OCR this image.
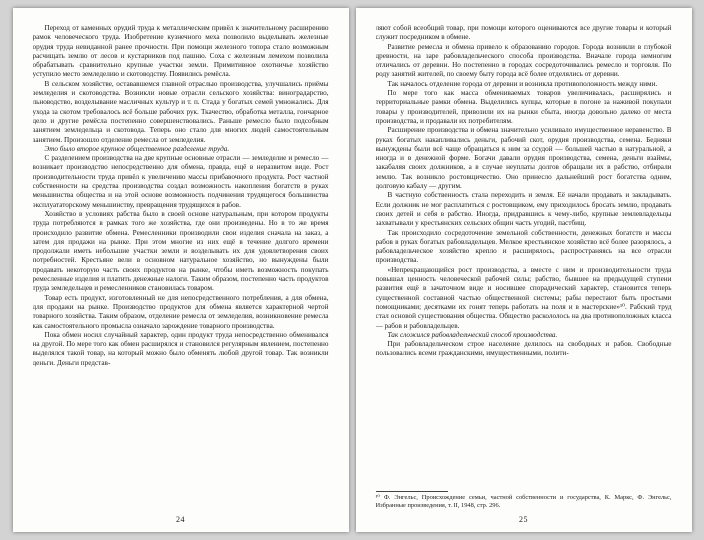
Переход от каменных орудий труда к металлическим привёл к значительному расширению рамок человеческого труда. Изобретение кузнечного меха позволило выделывать железные орудия труда невиданной ранее прочности. При помощи железного топора стало возможным расчищать землю от лесов и кустарников под пашню. Соха с железным лемехом позволила обрабатывать сравнительно крупные участки земли. Примитивное охотничье хозяйство уступило место земледелию и скотоводству. Появились ремёсла.

В сельском хозяйстве, остававшемся главной отраслью производства, улучшались приёмы земледелия и скотоводства. Возникли новые отрасли сельского хозяйства: виноградарство, льноводство, возделывание масличных культур и т. п. Стада у богатых семей умножались. Для ухода за скотом требовалось всё больше рабочих рук. Ткачество, обработка металла, гончарное дело и другие ремёсла постепенно совершенствовались. Раньше ремесло было подсобным занятием земледельца и скотовода. Теперь оно стало для многих людей самостоятельным занятием. Произошло отделение ремесла от земледелия.

Это было второе крупное общественное разделение труда.

С разделением производства на две крупные основные отрасли — земледелие и ремесло — возникает производство непосредственно для обмена, правда, ещё в неразвитом виде. Рост производительности труда привёл к увеличению массы прибавочного продукта. Рост частной собственности на средства производства создал возможность накопления богатств в руках меньшинства общества и на этой основе возможность подчинения трудящегося большинства эксплуататорскому меньшинству, превращения трудящихся в рабов.

Хозяйство в условиях рабства было в своей основе натуральным, при котором продукты труда потребляются в рамках того же хозяйства, где они произведены. Но в то же время происходило развитие обмена. Ремесленники производили свои изделия сначала на заказ, а затем для продажи на рынке. При этом многие из них ещё в течение долгого времени продолжали иметь небольшие участки земли и возделывать их для удовлетворения своих потребностей. Крестьяне вели в основном натуральное хозяйство, но вынуждены были продавать некоторую часть своих продуктов на рынке, чтобы иметь возможность покупать ремесленные изделия и платить денежные налоги. Таким образом, постепенно часть продуктов труда земледельцев и ремесленников становилась товаром.

Товар есть продукт, изготовленный не для непосредственного потребления, а для обмена, для продажи на рынке. Производство продуктов для обмена является характерной чертой товарного хозяйства. Таким образом, отделение ремесла от земледелия, возникновение ремесла как самостоятельного промысла означало зарождение товарного производства.

Пока обмен носил случайный характер, один продукт труда непосредственно обменивался на другой. По мере того как обмен расширялся и становился регулярным явлением, постепенно выделялся такой товар, на который можно было обменять любой другой товар. Так возникли деньги. Деньги представ-

24

ляют собой всеобщий товар, при помощи которого оцениваются все другие товары и который служит посредником в обмене.

Развитие ремесла и обмена привело к образованию городов. Города возникли в глубокой древности, на заре рабовладельческого способа производства. Вначале города немногим отличались от деревни. Но постепенно в городах сосредоточивались ремесло и торговля. По роду занятий жителей, по своему быту города всё более отделялись от деревни.

Так началось отделение города от деревни и возникла противоположность между ними.

По мере того как масса обмениваемых товаров увеличивалась, расширялись и территориальные рамки обмена. Выделились купцы, которые в погоне за наживой покупали товары у производителей, привозили их на рынки сбыта, иногда довольно далеко от места производства, и продавали их потребителям.

Расширение производства и обмена значительно усиливало имущественное неравенство. В руках богатых накапливались деньги, рабочий скот, орудия производства, семена. Бедняки вынуждены были всё чаще обращаться к ним за ссудой — большей частью в натуральной, а иногда и в денежной форме. Богачи давали орудия производства, семена, деньги взаймы, закабаляя своих должников, а в случае неуплаты долгов обращали их в рабство, отбирали землю. Так возникло ростовщичество. Оно принесло дальнейший рост богатства одним, долговую кабалу — другим.

В частную собственность стала переходить и земля. Её начали продавать и закладывать. Если должник не мог расплатиться с ростовщиком, ему приходилось бросать землю, продавать своих детей и себя в рабство. Иногда, придравшись к чему-либо, крупные землевладельцы захватывали у крестьянских сельских общин часть угодий, пастбищ.

Так происходило сосредоточение земельной собственности, денежных богатств и массы рабов в руках богатых рабовладельцев. Мелкое крестьянское хозяйство всё более разорялось, а рабовладельческое хозяйство крепло и расширялось, распространяясь на все отрасли производства.

«Непрекращающийся рост производства, а вместе с ним и производительности труда повышал ценность человеческой рабочей силы; рабство, бывшее на предыдущей ступени развития ещё в зачаточном виде и носившее спорадический характер, становится теперь существенной составной частью общественной системы; рабы перестают быть простыми помощниками; десятками их гонят теперь работать на поля и в мастерские»¹⁰. Рабский труд стал основой существования общества. Общество раскололось на два противоположных класса — рабов и рабовладельцев.

Так сложился рабовладельческий способ производства.

При рабовладельческом строе население делилось на свободных и рабов. Свободные пользовались всеми гражданскими, имущественными, полити-

¹⁰ Ф. Энгельс, Происхождение семьи, частной собственности и государства, К. Маркс, Ф. Энгельс, Избранные произведения, т. II, 1948, стр. 296.

25
